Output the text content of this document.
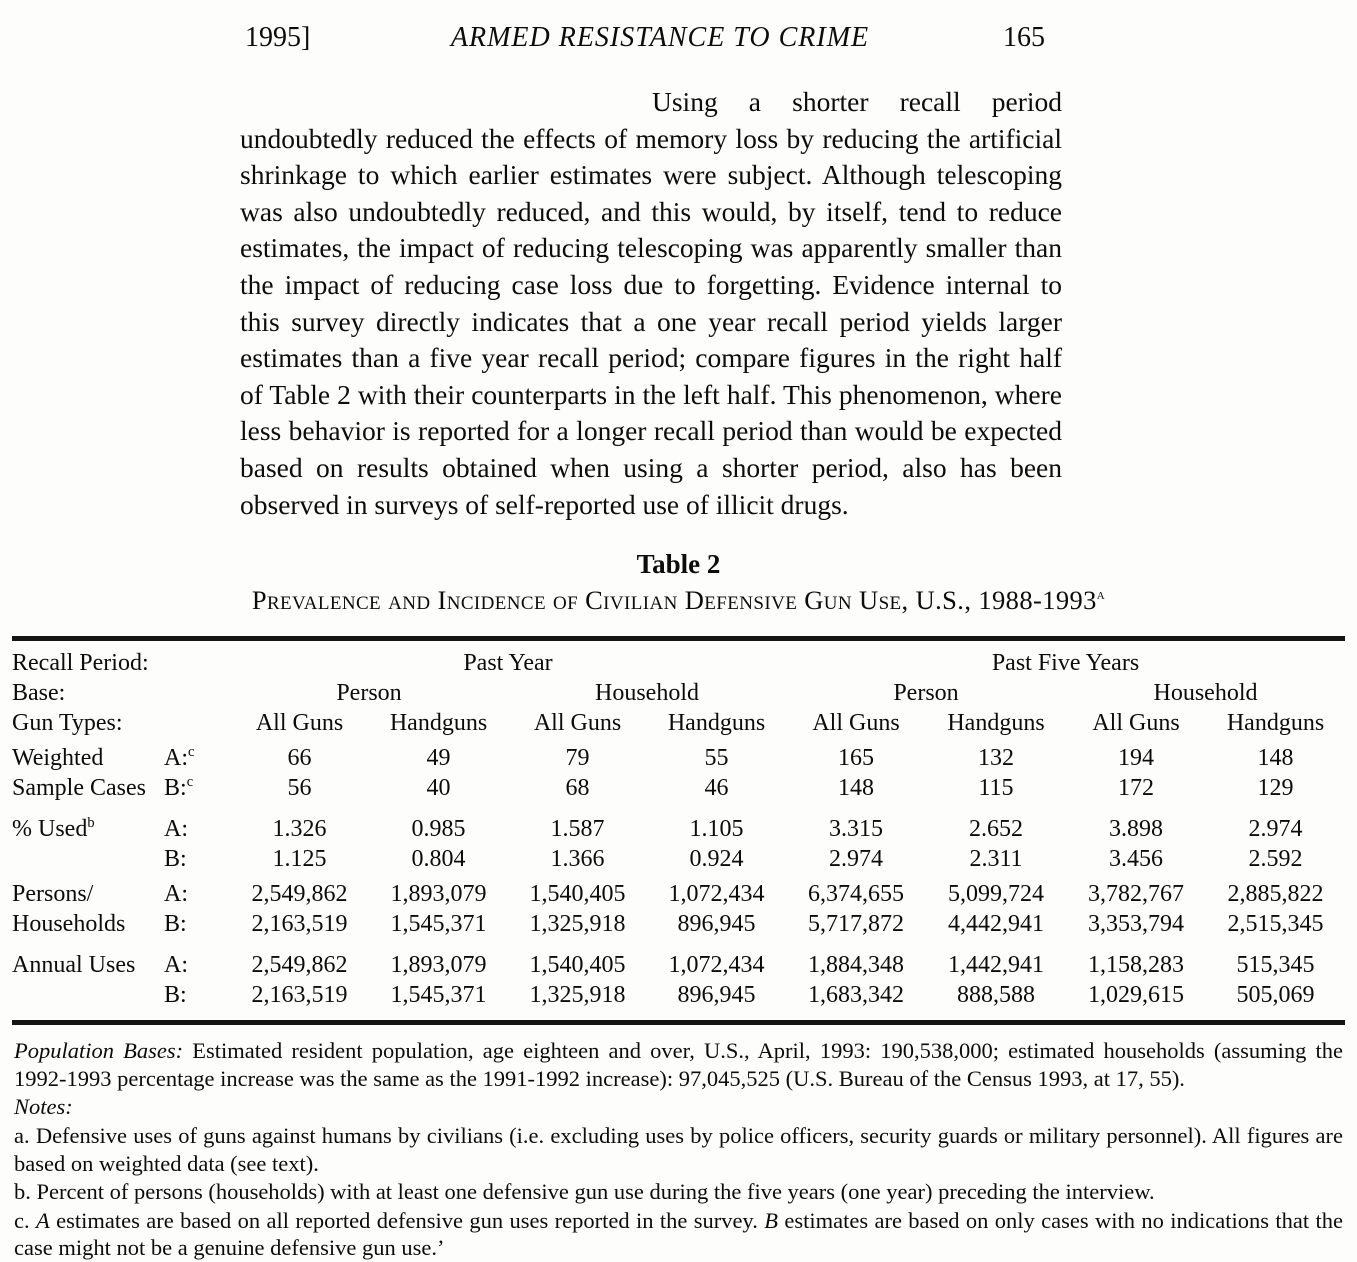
1995]	ARMED RESISTANCE TO CRIME	165
Using a shorter recall period undoubtedly reduced the effects of memory loss by reducing the artificial shrinkage to which earlier estimates were subject. Although telescoping was also undoubtedly reduced, and this would, by itself, tend to reduce estimates, the impact of reducing telescoping was apparently smaller than the impact of reducing case loss due to forgetting. Evidence internal to this survey directly indicates that a one year recall period yields larger estimates than a five year recall period; compare figures in the right half of Table 2 with their counterparts in the left half. This phenomenon, where less behavior is reported for a longer recall period than would be expected based on results obtained when using a shorter period, also has been observed in surveys of self-reported use of illicit drugs.
Table 2
Prevalence and Incidence of Civilian Defensive Gun Use, U.S., 1988-1993$^a$
Recall Period:		Past Year				Past Five Years			
Base:		Person		Household		Person		Household	
Gun Types:		All Guns	Handguns	All Guns	Handguns	All Guns	Handguns	All Guns	Handguns
Weighted	A:$^c$	66	49	79	55	165	132	194	148
Sample Cases	B:$^c$	56	40	68	46	148	115	172	129
% Used$^b$	A:	1.326	0.985	1.587	1.105	3.315	2.652	3.898	2.974
	B:	1.125	0.804	1.366	0.924	2.974	2.311	3.456	2.592
Persons/	A:	2,549,862	1,893,079	1,540,405	1,072,434	6,374,655	5,099,724	3,782,767	2,885,822
Households	B:	2,163,519	1,545,371	1,325,918	896,945	5,717,872	4,442,941	3,353,794	2,515,345
Annual Uses	A:	2,549,862	1,893,079	1,540,405	1,072,434	1,884,348	1,442,941	1,158,283	515,345
	B:	2,163,519	1,545,371	1,325,918	896,945	1,683,342	888,588	1,029,615	505,069

Population Bases: Estimated resident population, age eighteen and over, U.S., April, 1993: 190,538,000; estimated households (assuming the 1992-1993 percentage increase was the same as the 1991-1992 increase): 97,045,525 (U.S. Bureau of the Census 1993, at 17, 55).

Notes:

a. Defensive uses of guns against humans by civilians (i.e. excluding uses by police officers, security guards or military personnel). All figures are based on weighted data (see text).

b. Percent of persons (households) with at least one defensive gun use during the five years (one year) preceding the interview.

c. A estimates are based on all reported defensive gun uses reported in the survey. B estimates are based on only cases with no indications that the case might not be a genuine defensive gun use.’
